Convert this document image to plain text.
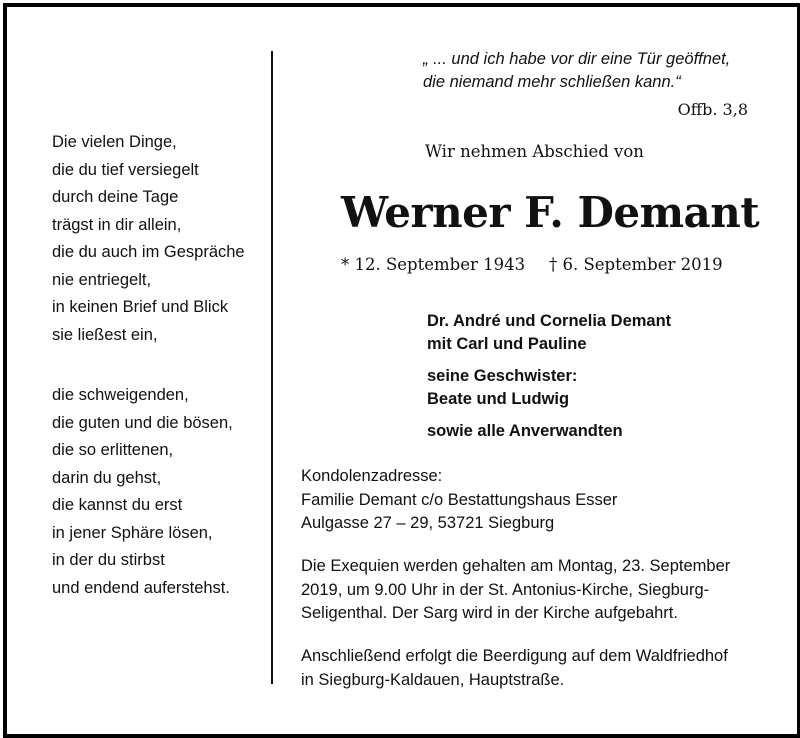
Die vielen Dinge,
die du tief versiegelt
durch deine Tage
trägst in dir allein,
die du auch im Gespräche
nie entriegelt,
in keinen Brief und Blick
sie ließest ein,
die schweigenden,
die guten und die bösen,
die so erlittenen,
darin du gehst,
die kannst du erst
in jener Sphäre lösen,
in der du stirbst
und endend auferstehst.
„ ... und ich habe vor dir eine Tür geöffnet,
die niemand mehr schließen kann.“
Offb. 3,8
Wir nehmen Abschied von
Werner F. Demant
* 12. September 1943 † 6. September 2019
Dr. André und Cornelia Demant
mit Carl und Pauline
seine Geschwister:
Beate und Ludwig
sowie alle Anverwandten
Kondolenzadresse:
Familie Demant c/o Bestattungshaus Esser
Aulgasse 27 – 29, 53721 Siegburg
Die Exequien werden gehalten am Montag, 23. September
2019, um 9.00 Uhr in der St. Antonius-Kirche, Siegburg-
Seligenthal. Der Sarg wird in der Kirche aufgebahrt.
Anschließend erfolgt die Beerdigung auf dem Waldfriedhof
in Siegburg-Kaldauen, Hauptstraße.
